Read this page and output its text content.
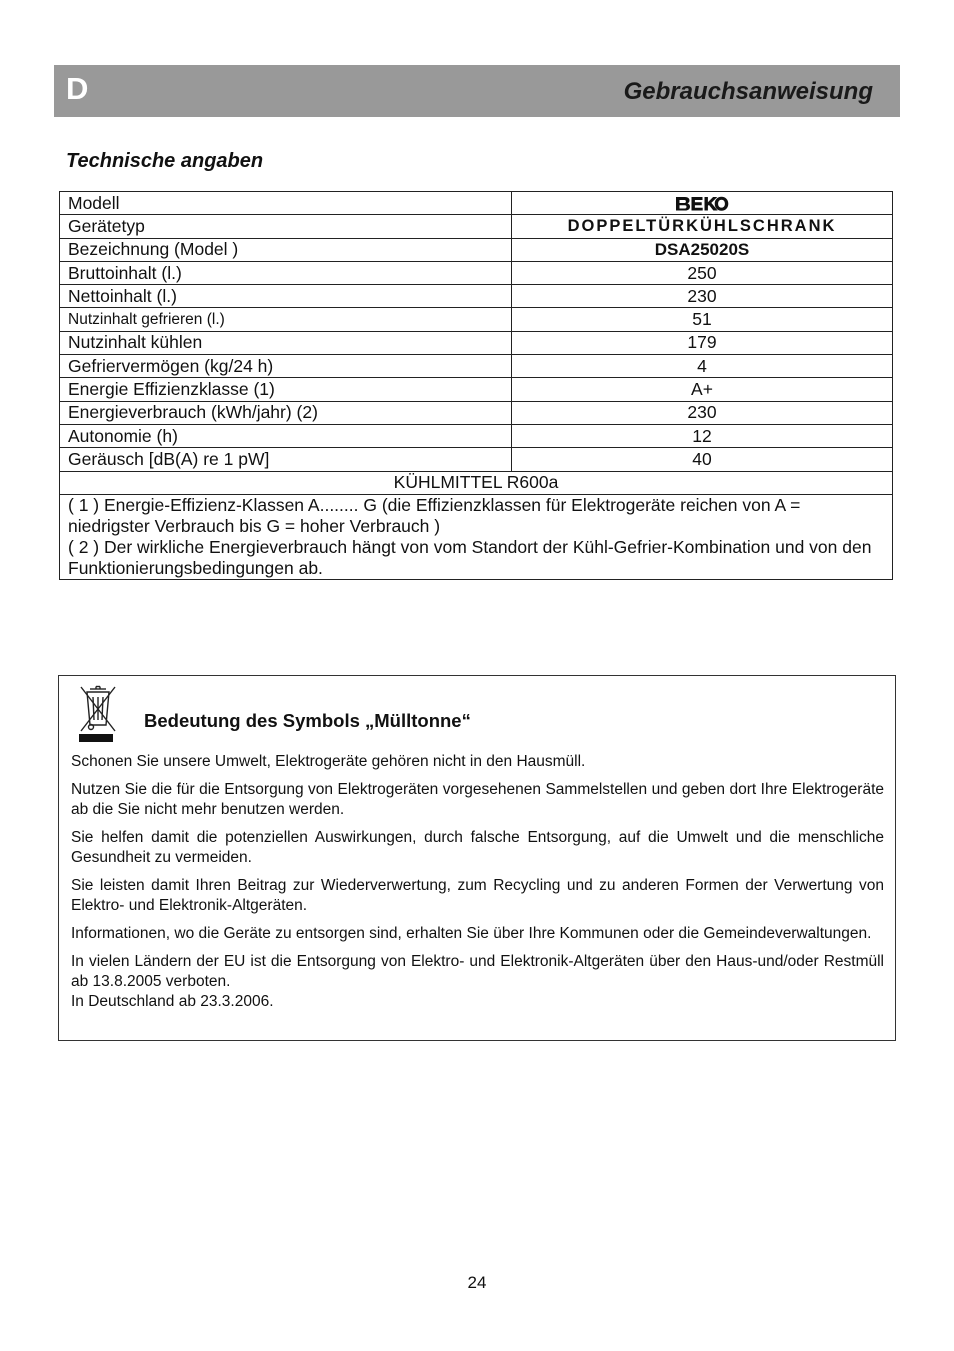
D	Gebrauchsanweisung
Technische angaben
Modell	
Gerätetyp	DOPPELTÜRKÜHLSCHRANK
Bezeichnung (Model )	DSA25020S
Bruttoinhalt (l.)	250
Nettoinhalt (l.)	230
Nutzinhalt gefrieren (l.)	51
Nutzinhalt kühlen	179
Gefriervermögen (kg/24 h)	4
Energie Effizienzklasse (1)	A+
Energieverbrauch (kWh/jahr) (2)	230
Autonomie (h)	12
Geräusch [dB(A) re 1 pW]	40
KÜHLMITTEL R600a	

( 1 ) Energie-Effizienz-Klassen A........ G (die Effizienzklassen für Elektrogeräte reichen von A = niedrigster Verbrauch bis G = hoher Verbrauch )
( 2 ) Der wirkliche Energieverbrauch hängt von vom Standort der Kühl-Gefrier-Kombination und von den Funktionierungsbedingungen ab.	
Bedeutung des Symbols „Mülltonne“

Schonen Sie unsere Umwelt, Elektrogeräte gehören nicht in den Hausmüll.

Nutzen Sie die für die Entsorgung von Elektrogeräten vorgesehenen Sammelstellen und geben dort Ihre Elektrogeräte ab die Sie nicht mehr benutzen werden.

Sie helfen damit die potenziellen Auswirkungen, durch falsche Entsorgung, auf die Umwelt und die menschliche Gesundheit zu vermeiden.

Sie leisten damit Ihren Beitrag zur Wiederverwertung, zum Recycling und zu anderen Formen der Verwertung von Elektro- und Elektronik-Altgeräten.

Informationen, wo die Geräte zu entsorgen sind, erhalten Sie über Ihre Kommunen oder die Gemeindeverwaltungen.

In vielen Ländern der EU ist die Entsorgung von Elektro- und Elektronik-Altgeräten über den Haus-und/oder Restmüll ab 13.8.2005 verboten.

In Deutschland ab 23.3.2006.

24
